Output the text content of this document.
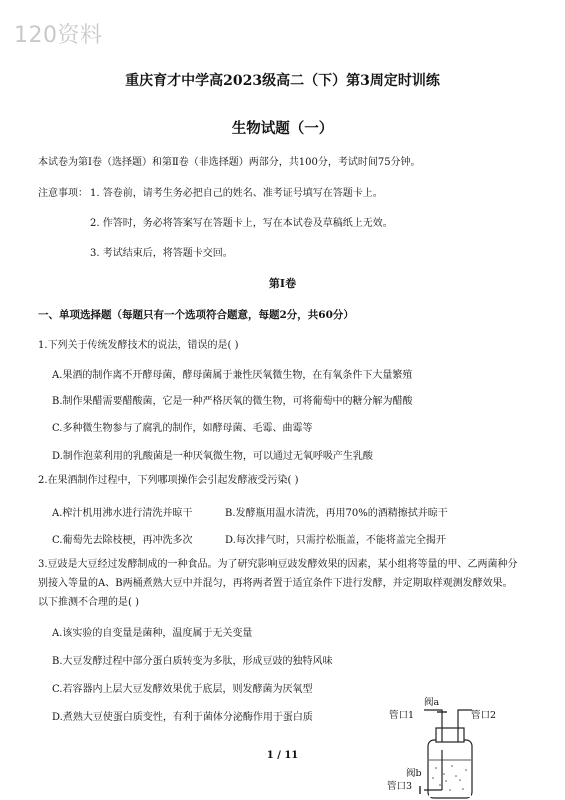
120资料
重庆育才中学高2023级高二（下）第3周定时训练
生物试题（一）
本试卷为第Ⅰ卷（选择题）和第Ⅱ卷（非选择题）两部分，共100分，考试时间75分钟。
注意事项： 1. 答卷前，请考生务必把自己的姓名、准考证号填写在答题卡上。
2. 作答时，务必将答案写在答题卡上，写在本试卷及草稿纸上无效。
3. 考试结束后，将答题卡交回。
第Ⅰ卷
一、单项选择题（每题只有一个选项符合题意，每题2分，共60分）
1.下列关于传统发酵技术的说法，错误的是( )
A.果酒的制作离不开酵母菌，酵母菌属于兼性厌氧微生物，在有氧条件下大量繁殖
B.制作果醋需要醋酸菌，它是一种严格厌氧的微生物，可将葡萄中的糖分解为醋酸
C.多种微生物参与了腐乳的制作，如酵母菌、毛霉、曲霉等
D.制作泡菜利用的乳酸菌是一种厌氧微生物，可以通过无氧呼吸产生乳酸
2.在果酒制作过程中，下列哪项操作会引起发酵液受污染( )
A.榨汁机用沸水进行清洗并晾干	B.发酵瓶用温水清洗，再用70%的酒精擦拭并晾干
C.葡萄先去除枝梗，再冲洗多次	D.每次排气时，只需拧松瓶盖，不能将盖完全揭开
3.豆豉是大豆经过发酵制成的一种食品。为了研究影响豆豉发酵效果的因素，某小组将等量的甲、乙两菌种分
别接入等量的A、B两桶煮熟大豆中并混匀，再将两者置于适宜条件下进行发酵，并定期取样观测发酵效果。
以下推测不合理的是( )
A.该实验的自变量是菌种，温度属于无关变量
B.大豆发酵过程中部分蛋白质转变为多肽，形成豆豉的独特风味
C.若容器内上层大豆发酵效果优于底层，则发酵菌为厌氧型
D.煮熟大豆使蛋白质变性，有利于菌体分泌酶作用于蛋白质
阀a
管口1	管口2
阀b
管口3
1 / 11
